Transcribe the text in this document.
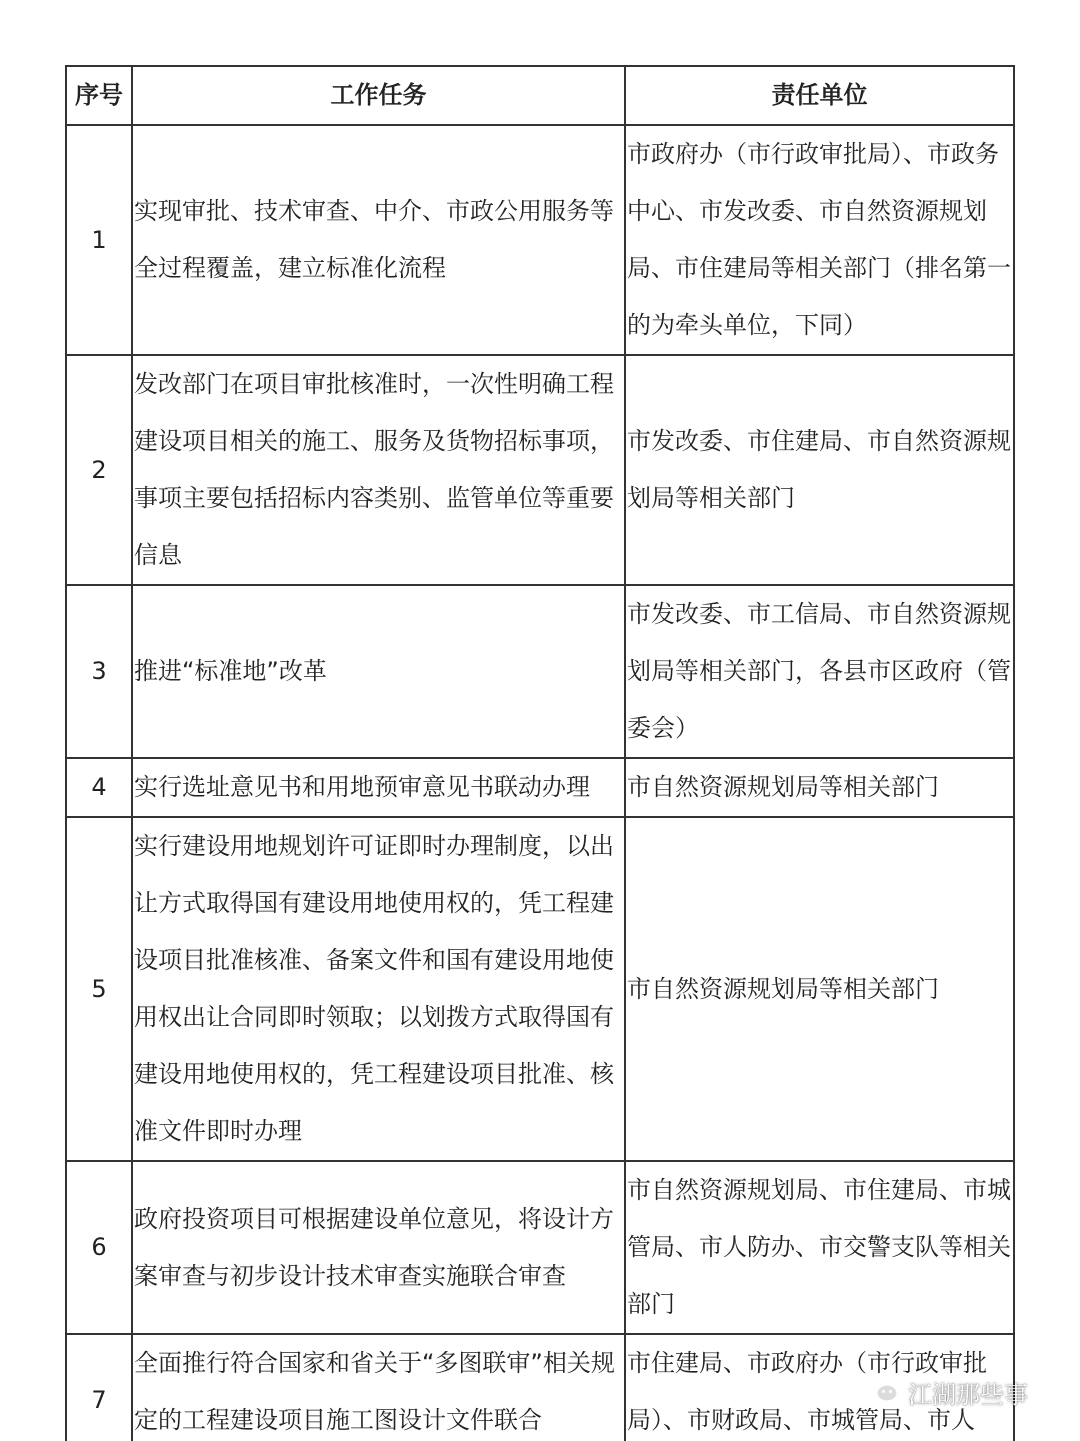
序号	工作任务	责任单位
1	实现审批、技术审查、中介、市政公用服务等全过程覆盖，建立标准化流程	市政府办（市行政审批局）、市政务中心、市发改委、市自然资源规划局、市住建局等相关部门（排名第一的为牵头单位，下同）
2	发改部门在项目审批核准时，一次性明确工程建设项目相关的施工、服务及货物招标事项，事项主要包括招标内容类别、监管单位等重要信息	市发改委、市住建局、市自然资源规划局等相关部门
3	推进“标准地”改革	市发改委、市工信局、市自然资源规划局等相关部门，各县市区政府（管委会）
4	实行选址意见书和用地预审意见书联动办理	市自然资源规划局等相关部门
5	实行建设用地规划许可证即时办理制度，以出让方式取得国有建设用地使用权的，凭工程建设项目批准核准、备案文件和国有建设用地使用权出让合同即时领取；以划拨方式取得国有建设用地使用权的，凭工程建设项目批准、核准文件即时办理	市自然资源规划局等相关部门
6	政府投资项目可根据建设单位意见，将设计方案审查与初步设计技术审查实施联合审查	市自然资源规划局、市住建局、市城管局、市人防办、市交警支队等相关部门
7	全面推行符合国家和省关于“多图联审”相关规定的工程建设项目施工图设计文件联合	市住建局、市政府办（市行政审批局）、市财政局、市城管局、市人
江湖那些事
